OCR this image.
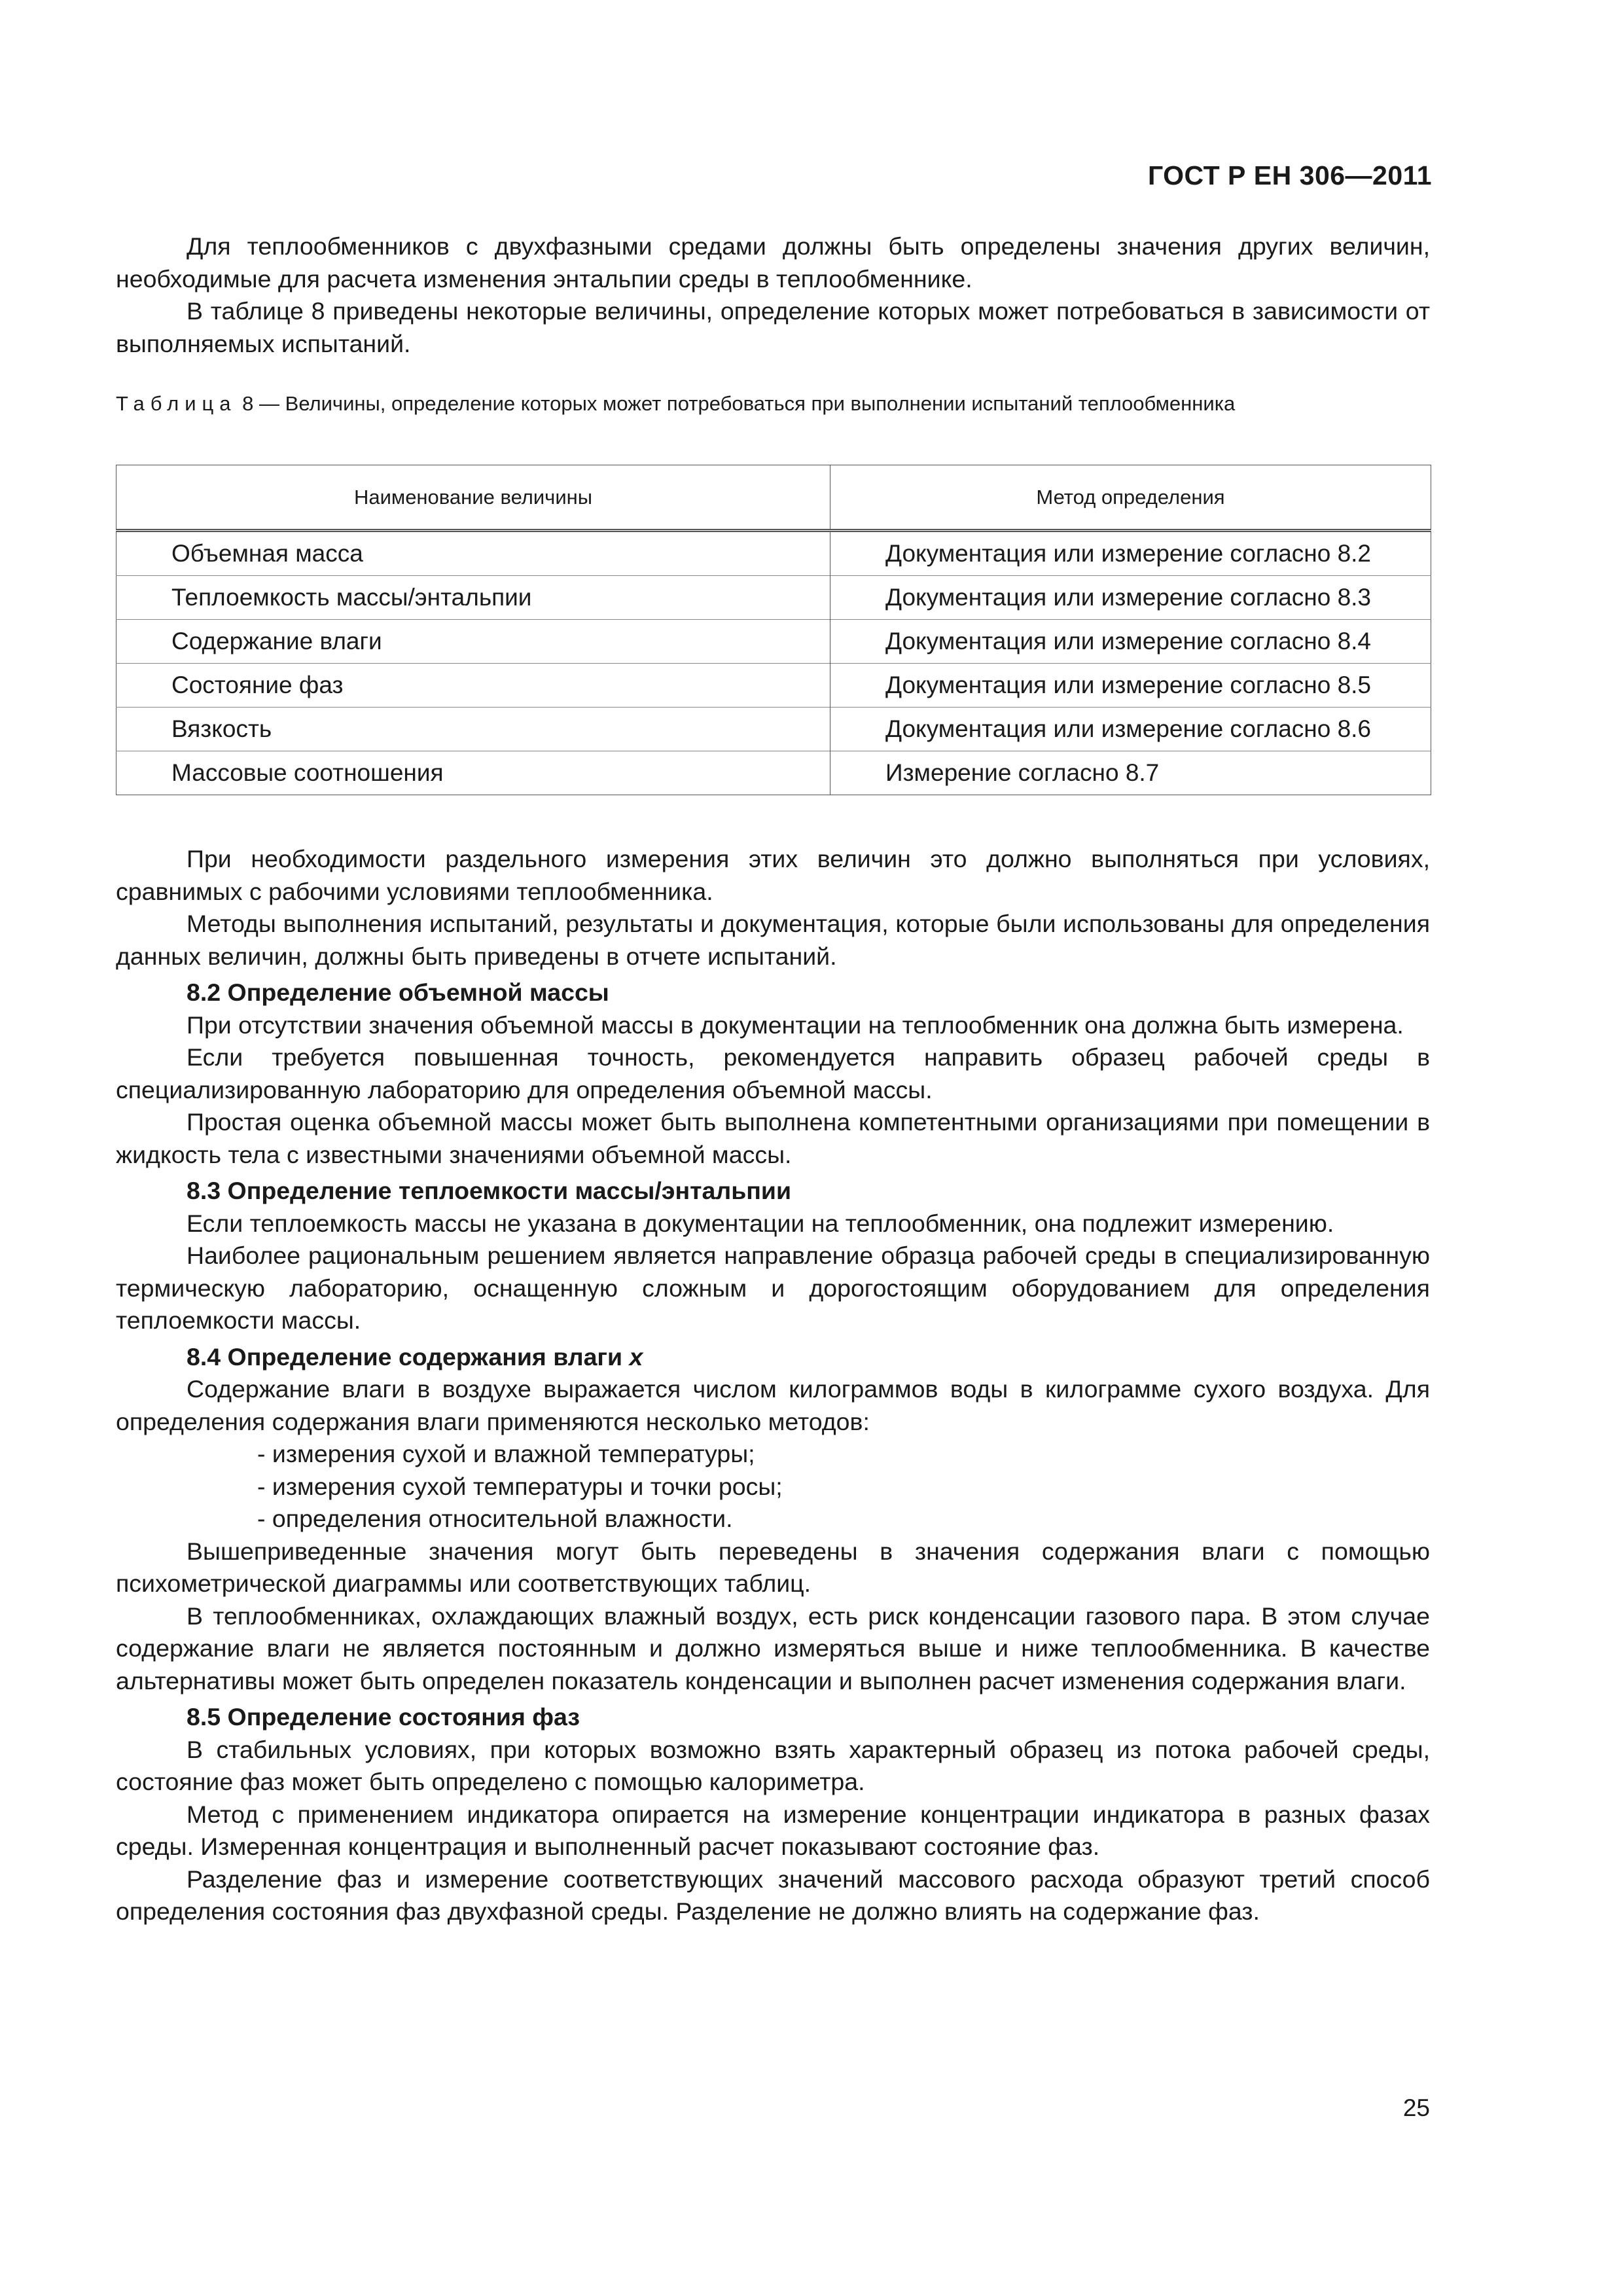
ГОСТ Р ЕН 306—2011

Для теплообменников с двухфазными средами должны быть определены значения других величин, необходимые для расчета изменения энтальпии среды в теплообменнике.

В таблице 8 приведены некоторые величины, определение которых может потребоваться в зависимости от выполняемых испытаний.

Таблица 8 — Величины, определение которых может потребоваться при выполнении испытаний теплообменника
Наименование величины	Метод определения
Объемная масса	Документация или измерение согласно 8.2
Теплоемкость массы/энтальпии	Документация или измерение согласно 8.3
Содержание влаги	Документация или измерение согласно 8.4
Состояние фаз	Документация или измерение согласно 8.5
Вязкость	Документация или измерение согласно 8.6
Массовые соотношения	Измерение согласно 8.7

При необходимости раздельного измерения этих величин это должно выполняться при условиях, сравнимых с рабочими условиями теплообменника.

Методы выполнения испытаний, результаты и документация, которые были использованы для определения данных величин, должны быть приведены в отчете испытаний.

8.2 Определение объемной массы

При отсутствии значения объемной массы в документации на теплообменник она должна быть измерена.

Если требуется повышенная точность, рекомендуется направить образец рабочей среды в специализированную лабораторию для определения объемной массы.

Простая оценка объемной массы может быть выполнена компетентными организациями при помещении в жидкость тела с известными значениями объемной массы.

8.3 Определение теплоемкости массы/энтальпии

Если теплоемкость массы не указана в документации на теплообменник, она подлежит измерению.

Наиболее рациональным решением является направление образца рабочей среды в специализированную термическую лабораторию, оснащенную сложным и дорогостоящим оборудованием для определения теплоемкости массы.

8.4 Определение содержания влаги x

Содержание влаги в воздухе выражается числом килограммов воды в килограмме сухого воздуха. Для определения содержания влаги применяются несколько методов:

- измерения сухой и влажной температуры;

- измерения сухой температуры и точки росы;

- определения относительной влажности.

Вышеприведенные значения могут быть переведены в значения содержания влаги с помощью психометрической диаграммы или соответствующих таблиц.

В теплообменниках, охлаждающих влажный воздух, есть риск конденсации газового пара. В этом случае содержание влаги не является постоянным и должно измеряться выше и ниже теплообменника. В качестве альтернативы может быть определен показатель конденсации и выполнен расчет изменения содержания влаги.

8.5 Определение состояния фаз

В стабильных условиях, при которых возможно взять характерный образец из потока рабочей среды, состояние фаз может быть определено с помощью калориметра.

Метод с применением индикатора опирается на измерение концентрации индикатора в разных фазах среды. Измеренная концентрация и выполненный расчет показывают состояние фаз.

Разделение фаз и измерение соответствующих значений массового расхода образуют третий способ определения состояния фаз двухфазной среды. Разделение не должно влиять на содержание фаз.

25
